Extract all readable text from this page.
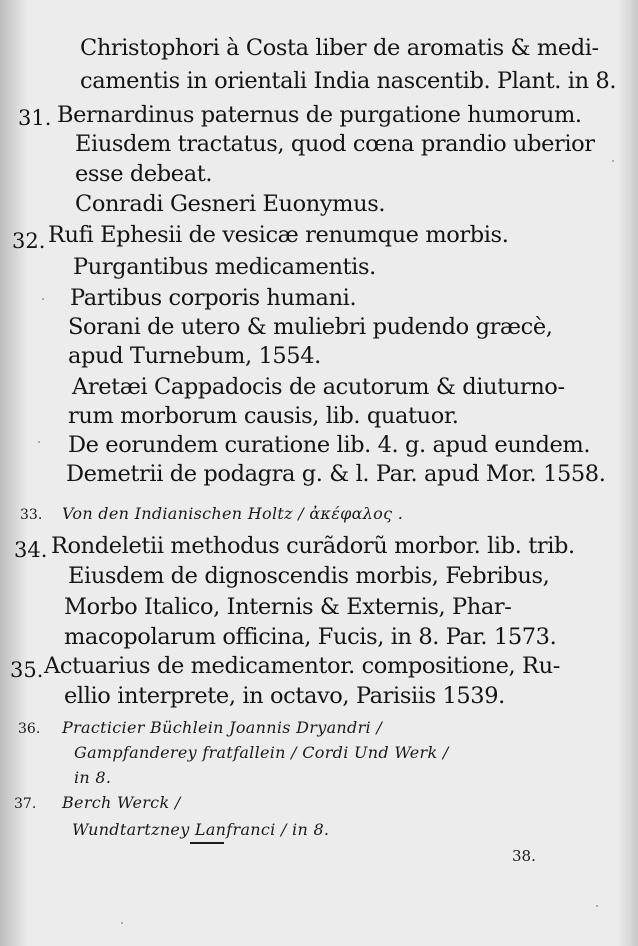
Christophori à Costa liber de aromatis & medi-
camentis in orientali India nascentib. Plant. in 8.
31. Bernardinus paternus de purgatione humorum.
Eiusdem tractatus, quod cœna prandio uberior
esse debeat.
Conradi Gesneri Euonymus.
32. Rufi Ephesii de vesicæ renumque morbis.
Purgantibus medicamentis.
Partibus corporis humani.
Sorani de utero & muliebri pudendo græcè,
apud Turnebum, 1554.
Aretæi Cappadocis de acutorum & diuturno-
rum morborum causis, lib. quatuor.
De eorundem curatione lib. 4. g. apud eundem.
Demetrii de podagra g. & l. Par. apud Mor. 1558.
33. Von den Indianischen Holtz / ἀκέφαλος .
34. Rondeletii methodus curãdorũ morbor. lib. trib.
Eiusdem de dignoscendis morbis, Febribus,
Morbo Italico, Internis & Externis, Phar-
macopolarum officina, Fucis, in 8. Par. 1573.
35. Actuarius de medicamentor. compositione, Ru-
ellio interprete, in octavo, Parisiis 1539.
36. Practicier Büchlein Joannis Dryandri /
Gampfanderey fratfallein / Cordi Und Werk /
in 8.
37. Berch Werck /
Wundtartzney Lanfranci / in 8.
38.
